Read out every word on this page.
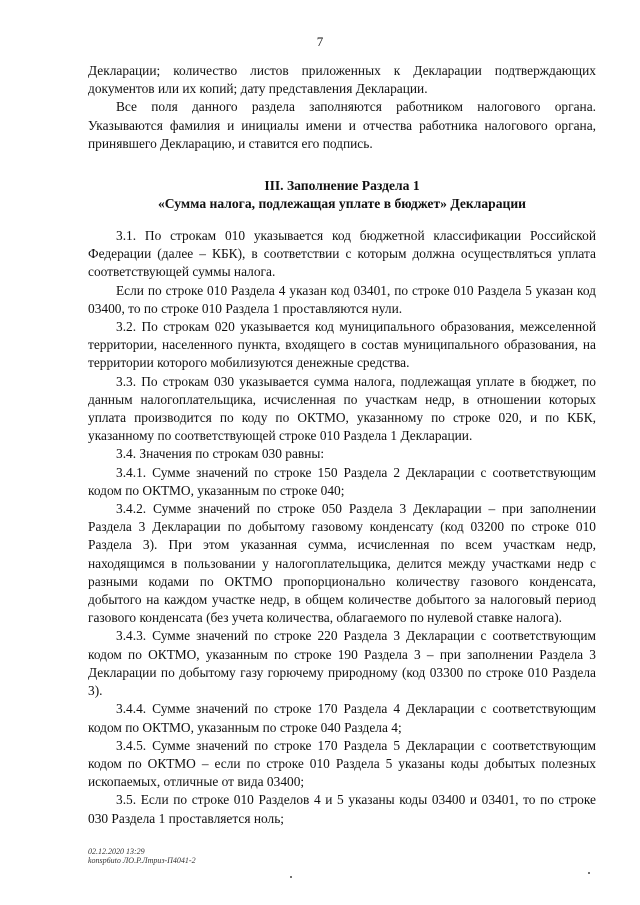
7

Декларации; количество листов приложенных к Декларации подтверждающих документов или их копий; дату представления Декларации.

Все поля данного раздела заполняются работником налогового органа. Указываются фамилия и инициалы имени и отчества работника налогового органа, принявшего Декларацию, и ставится его подпись.

III. Заполнение Раздела 1

«Сумма налога, подлежащая уплате в бюджет» Декларации

3.1. По строкам 010 указывается код бюджетной классификации Российской Федерации (далее – КБК), в соответствии с которым должна осуществляться уплата соответствующей суммы налога.

Если по строке 010 Раздела 4 указан код 03401, по строке 010 Раздела 5 указан код 03400, то по строке 010 Раздела 1 проставляются нули.

3.2. По строкам 020 указывается код муниципального образования, межселенной территории, населенного пункта, входящего в состав муниципального образования, на территории которого мобилизуются денежные средства.

3.3. По строкам 030 указывается сумма налога, подлежащая уплате в бюджет, по данным налогоплательщика, исчисленная по участкам недр, в отношении которых уплата производится по коду по ОКТМО, указанному по строке 020, и по КБК, указанному по соответствующей строке 010 Раздела 1 Декларации.

3.4. Значения по строкам 030 равны:

3.4.1. Сумме значений по строке 150 Раздела 2 Декларации с соответствующим кодом по ОКТМО, указанным по строке 040;

3.4.2. Сумме значений по строке 050 Раздела 3 Декларации – при заполнении Раздела 3 Декларации по добытому газовому конденсату (код 03200 по строке 010 Раздела 3). При этом указанная сумма, исчисленная по всем участкам недр, находящимся в пользовании у налогоплательщика, делится между участками недр с разными кодами по ОКТМО пропорционально количеству газового конденсата, добытого на каждом участке недр, в общем количестве добытого за налоговый период газового конденсата (без учета количества, облагаемого по нулевой ставке налога).

3.4.3. Сумме значений по строке 220 Раздела 3 Декларации с соответствующим кодом по ОКТМО, указанным по строке 190 Раздела 3 – при заполнении Раздела 3 Декларации по добытому газу горючему природному (код 03300 по строке 010 Раздела 3).

3.4.4. Сумме значений по строке 170 Раздела 4 Декларации с соответствующим кодом по ОКТМО, указанным по строке 040 Раздела 4;

3.4.5. Сумме значений по строке 170 Раздела 5 Декларации с соответствующим кодом по ОКТМО – если по строке 010 Раздела 5 указаны коды добытых полезных ископаемых, отличные от вида 03400;

3.5. Если по строке 010 Разделов 4 и 5 указаны коды 03400 и 03401, то по строке 030 Раздела 1 проставляется ноль;

02.12.2020 13:29
konsp6uto ЛО.Р.Лтриз-П4041-2
